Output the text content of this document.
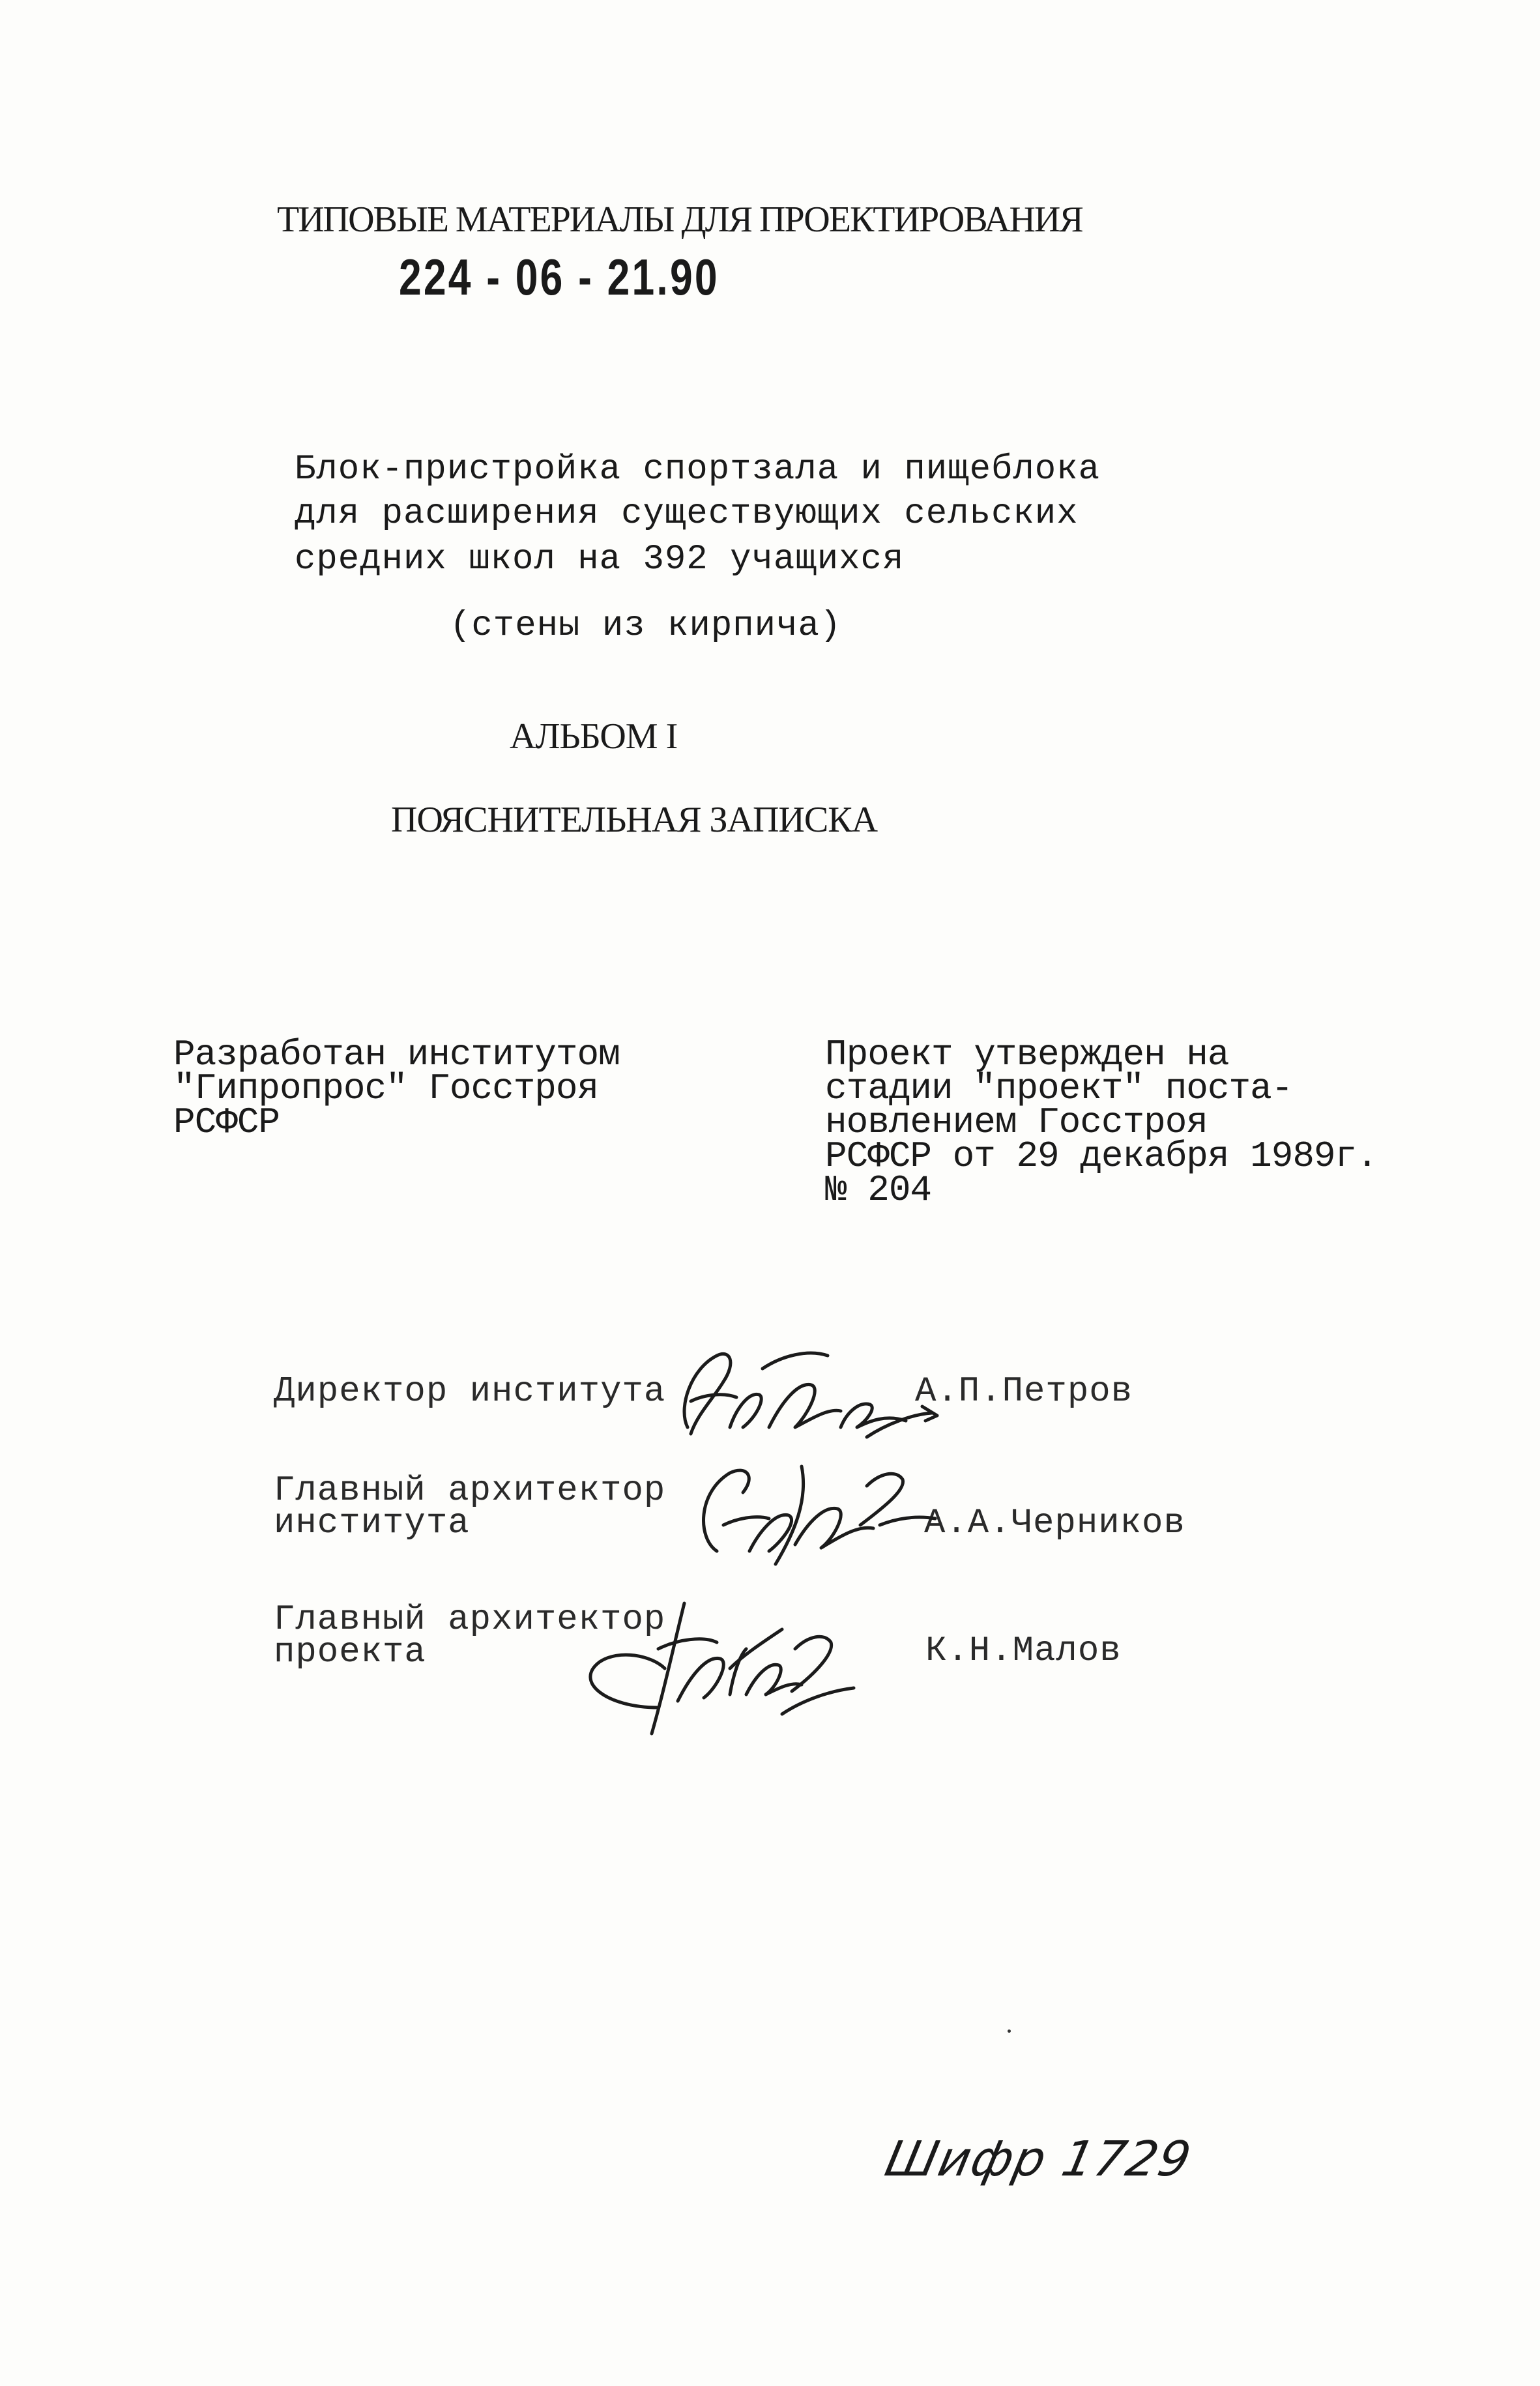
ТИПОВЫЕ МАТЕРИАЛЫ ДЛЯ ПРОЕКТИРОВАНИЯ
224 - 06 - 21.90
Блок-пристройка спортзала и пищеблока
для расширения существующих сельских
средних школ на 392 учащихся
(стены из кирпича)
АЛЬБОМ I
ПОЯСНИТЕЛЬНАЯ ЗАПИСКА
Разработан институтом
"Гипропрос" Госстроя
РСФСР
Проект утвержден на
стадии "проект" поста-
новлением Госстроя
РСФСР от 29 декабря 1989г.
№ 204
Директор института	А.П.Петров
Главный архитектор
института	А.А.Черников
Главный архитектор
проекта	К.Н.Малов
Шифр 1729
